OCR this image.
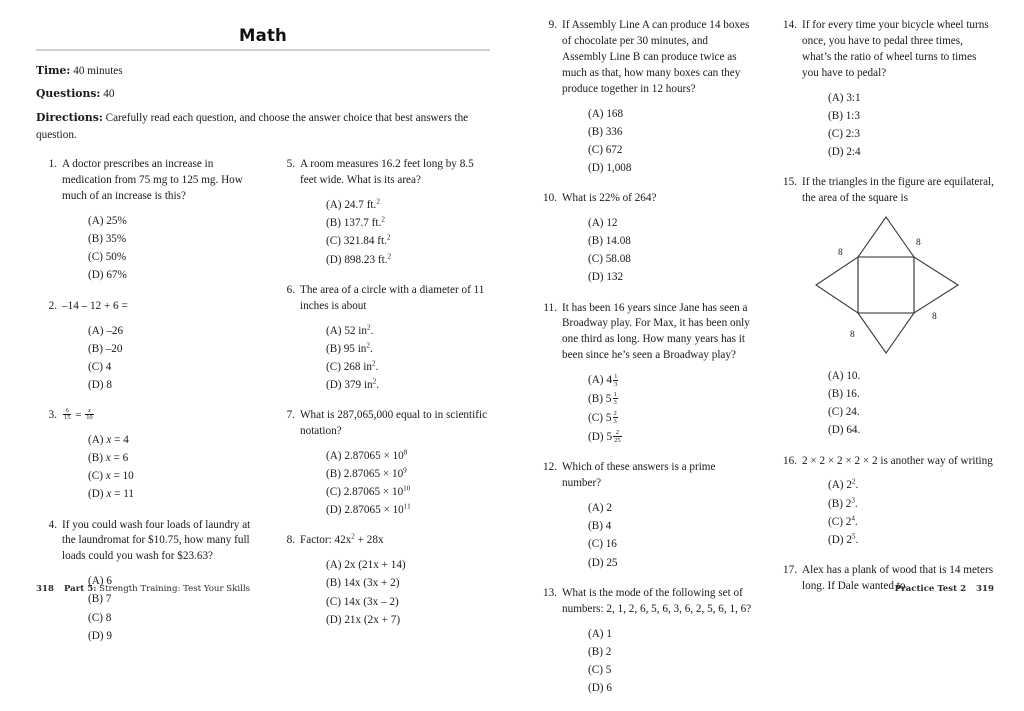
Math
Time: 40 minutes
Questions: 40
Directions: Carefully read each question, and choose the answer choice that best answers the question.
1. A doctor prescribes an increase in medication from 75 mg to 125 mg. How much of an increase is this?
(A) 25%
(B) 35%
(C) 50%
(D) 67%
2. –14 – 12 + 6 =
(A) –26
(B) –20
(C) 4
(D) 8
3. $\frac{6}{15} = \frac{x}{10}$
(A) x = 4
(B) x = 6
(C) x = 10
(D) x = 11
4. If you could wash four loads of laundry at the laundromat for $10.75, how many full loads could you wash for $23.63?
(A) 6
(B) 7
(C) 8
(D) 9
5. A room measures 16.2 feet long by 8.5 feet wide. What is its area?
(A) 24.7 ft.$^2$
(B) 137.7 ft.$^2$
(C) 321.84 ft.$^2$
(D) 898.23 ft.$^2$
6. The area of a circle with a diameter of 11 inches is about
(A) 52 $in^2$.
(B) 95 $in^2$.
(C) 268 $in^2$.
(D) 379 $in^2$.
7. What is 287,065,000 equal to in scientific notation?
(A) $2.87065 \times 10^8$
(B) $2.87065 \times 10^9$
(C) $2.87065 \times 10^{10}$
(D) $2.87065 \times 10^{11}$
8. Factor: $42x^2 + 28x$
(A) 2x (21x + 14)
(B) 14x (3x + 2)
(C) 14x (3x – 2)
(D) 21x (2x + 7)
318 Part 5: Strength Training: Test Your Skills
9. If Assembly Line A can produce 14 boxes of chocolate per 30 minutes, and Assembly Line B can produce twice as much as that, how many boxes can they produce together in 12 hours?
(A) 168
(B) 336
(C) 672
(D) 1,008
10. What is 22% of 264?
(A) 12
(B) 14.08
(C) 58.08
(D) 132
11. It has been 16 years since Jane has seen a Broadway play. For Max, it has been only one third as long. How many years has it been since he’s seen a Broadway play?
(A) $4 \frac{1}{3}$
(B) $5 \frac{1}{3}$
(C) $5 \frac{2}{3}$
(D) $5 \frac{2}{25}$
12. Which of these answers is a prime number?
(A) 2
(B) 4
(C) 16
(D) 25
13. What is the mode of the following set of numbers: 2, 1, 2, 6, 5, 6, 3, 6, 2, 5, 6, 1, 6?
(A) 1
(B) 2
(C) 5
(D) 6
14. If for every time your bicycle wheel turns once, you have to pedal three times, what’s the ratio of wheel turns to times you have to pedal?
(A) 3:1
(B) 1:3
(C) 2:3
(D) 2:4
15. If the triangles in the figure are equilateral, the area of the square is
8
8
8
8
(A) 10.
(B) 16.
(C) 24.
(D) 64.
16. 2 × 2 × 2 × 2 × 2 is another way of writing
(A) $2^2$.
(B) $2^3$.
(C) $2^4$.
(D) $2^5$.
17. Alex has a plank of wood that is 14 meters long. If Dale wanted to
Practice Test 2 319
